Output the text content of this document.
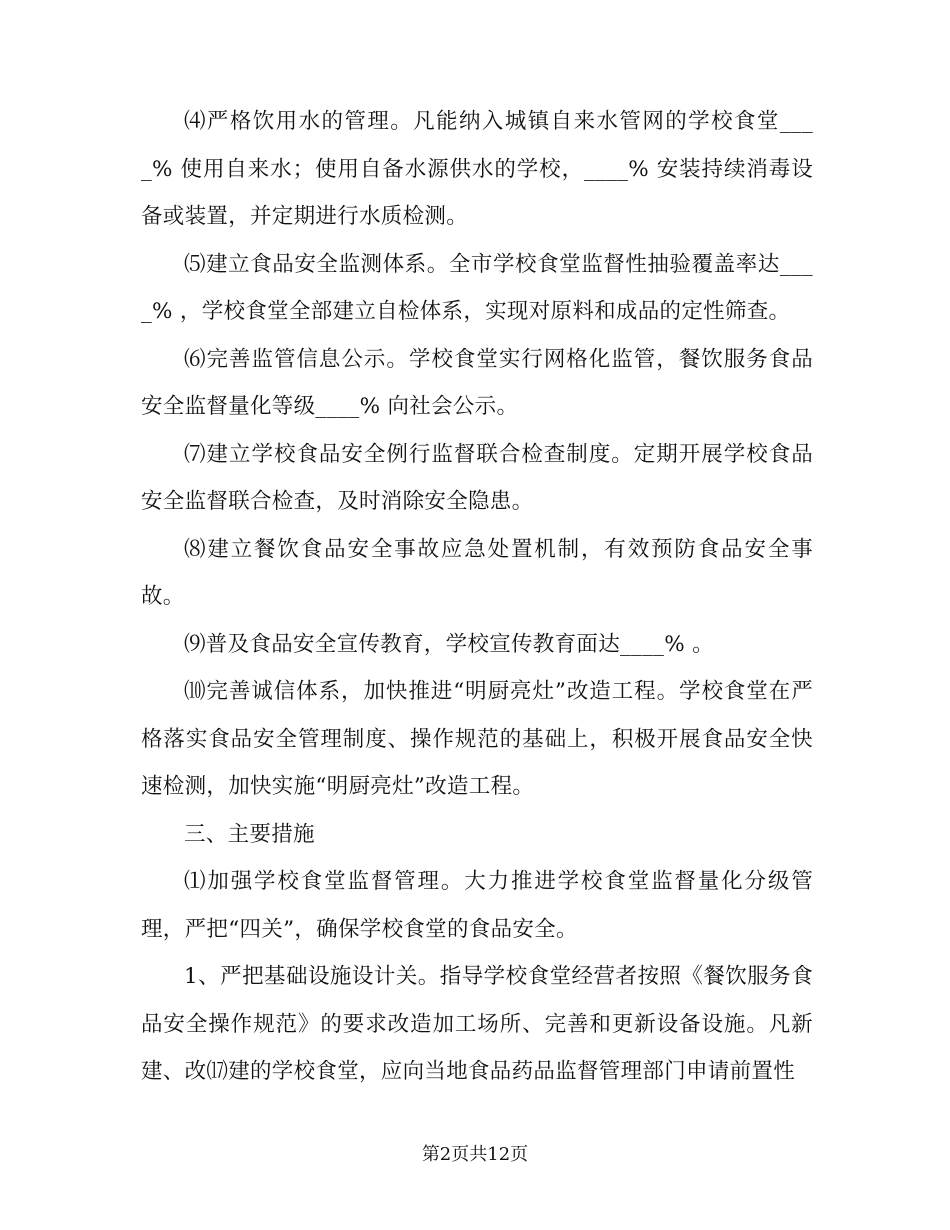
⑷严格饮用水的管理。凡能纳入城镇自来水管网的学校食堂____% 使用自来水；使用自备水源供水的学校，____% 安装持续消毒设备或装置，并定期进行水质检测。

⑸建立食品安全监测体系。全市学校食堂监督性抽验覆盖率达____% ，学校食堂全部建立自检体系，实现对原料和成品的定性筛查。

⑹完善监管信息公示。学校食堂实行网格化监管，餐饮服务食品安全监督量化等级____% 向社会公示。

⑺建立学校食品安全例行监督联合检查制度。定期开展学校食品安全监督联合检查，及时消除安全隐患。

⑻建立餐饮食品安全事故应急处置机制，有效预防食品安全事故。

⑼普及食品安全宣传教育，学校宣传教育面达____% 。

⑽完善诚信体系，加快推进“明厨亮灶”改造工程。学校食堂在严格落实食品安全管理制度、操作规范的基础上，积极开展食品安全快速检测，加快实施“明厨亮灶”改造工程。

三、主要措施

⑴加强学校食堂监督管理。大力推进学校食堂监督量化分级管理，严把“四关”，确保学校食堂的食品安全。

1、严把基础设施设计关。指导学校食堂经营者按照《餐饮服务食品安全操作规范》的要求改造加工场所、完善和更新设备设施。凡新建、改⒄建的学校食堂，应向当地食品药品监督管理部门申请前置性

第2页共12页
